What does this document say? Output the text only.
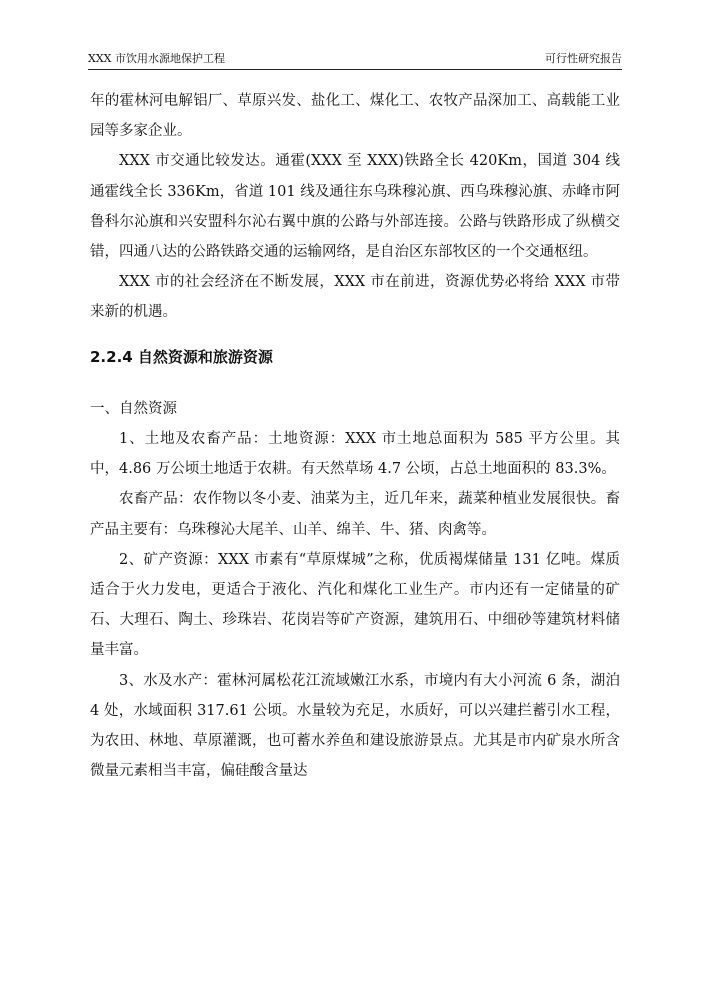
XXX 市饮用水源地保护工程	可行性研究报告

年的霍林河电解铝厂、草原兴发、盐化工、煤化工、农牧产品深加工、高载能工业园等多家企业。

XXX 市交通比较发达。通霍(XXX 至 XXX)铁路全长 420Km，国道 304 线通霍线全长 336Km，省道 101 线及通往东乌珠穆沁旗、西乌珠穆沁旗、赤峰市阿鲁科尔沁旗和兴安盟科尔沁右翼中旗的公路与外部连接。公路与铁路形成了纵横交错，四通八达的公路铁路交通的运输网络，是自治区东部牧区的一个交通枢纽。

XXX 市的社会经济在不断发展，XXX 市在前进，资源优势必将给 XXX 市带来新的机遇。

2.2.4 自然资源和旅游资源

一、自然资源

1、土地及农畜产品：土地资源：XXX 市土地总面积为 585 平方公里。其中，4.86 万公顷土地适于农耕。有天然草场 4.7 公顷，占总土地面积的 83.3%。

农畜产品：农作物以冬小麦、油菜为主，近几年来，蔬菜种植业发展很快。畜产品主要有：乌珠穆沁大尾羊、山羊、绵羊、牛、猪、肉禽等。

2、矿产资源：XXX 市素有“草原煤城”之称，优质褐煤储量 131 亿吨。煤质适合于火力发电，更适合于液化、汽化和煤化工业生产。市内还有一定储量的矿石、大理石、陶土、珍珠岩、花岗岩等矿产资源，建筑用石、中细砂等建筑材料储量丰富。

3、水及水产：霍林河属松花江流域嫩江水系，市境内有大小河流 6 条，湖泊 4 处，水域面积 317.61 公顷。水量较为充足，水质好，可以兴建拦蓄引水工程，为农田、林地、草原灌溉，也可蓄水养鱼和建设旅游景点。尤其是市内矿泉水所含微量元素相当丰富，偏硅酸含量达
